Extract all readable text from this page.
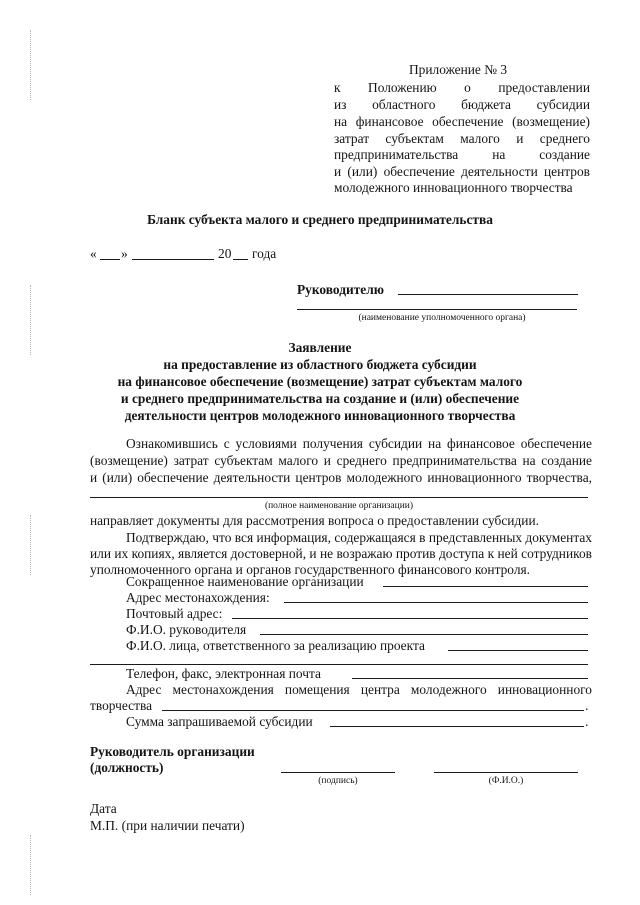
Приложение № 3
к Положению о предоставлении
из областного бюджета субсидии
на финансовое обеспечение (возмещение)
затрат субъектам малого и среднего
предпринимательства на создание
и (или) обеспечение деятельности центров
молодежного инновационного творчества
Бланк субъекта малого и среднего предпринимательства
« »	20 года
Руководителю
(наименование уполномоченного органа)
Заявление
на предоставление из областного бюджета субсидии
на финансовое обеспечение (возмещение) затрат субъектам малого
и среднего предпринимательства на создание и (или) обеспечение
деятельности центров молодежного инновационного творчества
Ознакомившись с условиями получения субсидии на финансовое обеспечение
(возмещение) затрат субъектам малого и среднего предпринимательства на создание
и (или) обеспечение деятельности центров молодежного инновационного творчества,
(полное наименование организации)
направляет документы для рассмотрения вопроса о предоставлении субсидии.
Подтверждаю, что вся информация, содержащаяся в представленных документах
или их копиях, является достоверной, и не возражаю против доступа к ней сотрудников
уполномоченного органа и органов государственного финансового контроля.
Сокращенное наименование организации
Адрес местонахождения:
Почтовый адрес:
Ф.И.О. руководителя
Ф.И.О. лица, ответственного за реализацию проекта
Телефон, факс, электронная почта
Адрес местонахождения помещения центра молодежного инновационного
творчества	.
Сумма запрашиваемой субсидии	.
Руководитель организации
(должность)
(подпись)	(Ф.И.О.)
Дата
М.П. (при наличии печати)
